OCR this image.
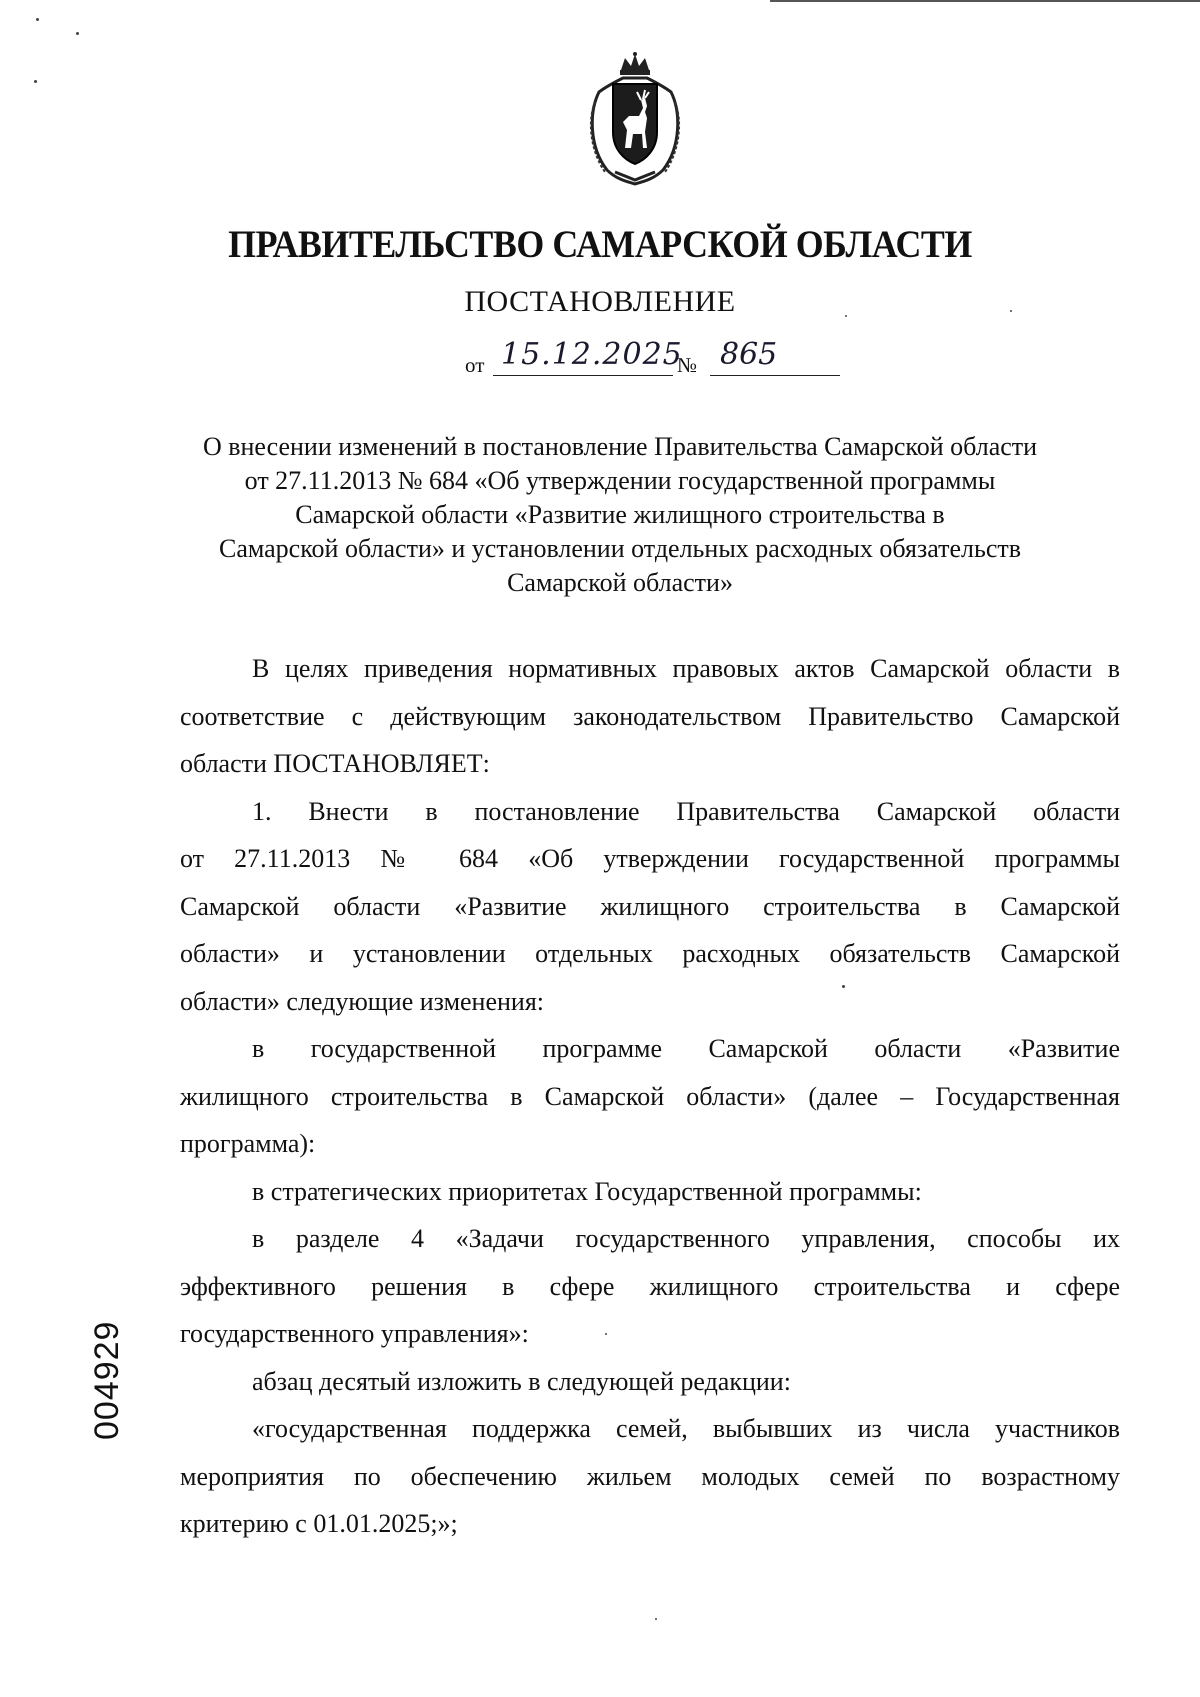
ПРАВИТЕЛЬСТВО САМАРСКОЙ ОБЛАСТИ
ПОСТАНОВЛЕНИЕ
от 15.12.2025
№ 865
О внесении изменений в постановление Правительства Самарской области
от 27.11.2013 № 684 «Об утверждении государственной программы
Самарской области «Развитие жилищного строительства в
Самарской области» и установлении отдельных расходных обязательств
Самарской области»
В целях приведения нормативных правовых актов Самарской области в
соответствие с действующим законодательством Правительство Самарской
области ПОСТАНОВЛЯЕТ:
1. Внести в постановление Правительства Самарской области
от 27.11.2013 № 684 «Об утверждении государственной программы
Самарской области «Развитие жилищного строительства в Самарской
области» и установлении отдельных расходных обязательств Самарской
области» следующие изменения:
в государственной программе Самарской области «Развитие
жилищного строительства в Самарской области» (далее – Государственная
программа):
в стратегических приоритетах Государственной программы:
в разделе 4 «Задачи государственного управления, способы их
эффективного решения в сфере жилищного строительства и сфере
государственного управления»:
абзац десятый изложить в следующей редакции:
«государственная поддержка семей, выбывших из числа участников
мероприятия по обеспечению жильем молодых семей по возрастному
критерию с 01.01.2025;»;
004929
